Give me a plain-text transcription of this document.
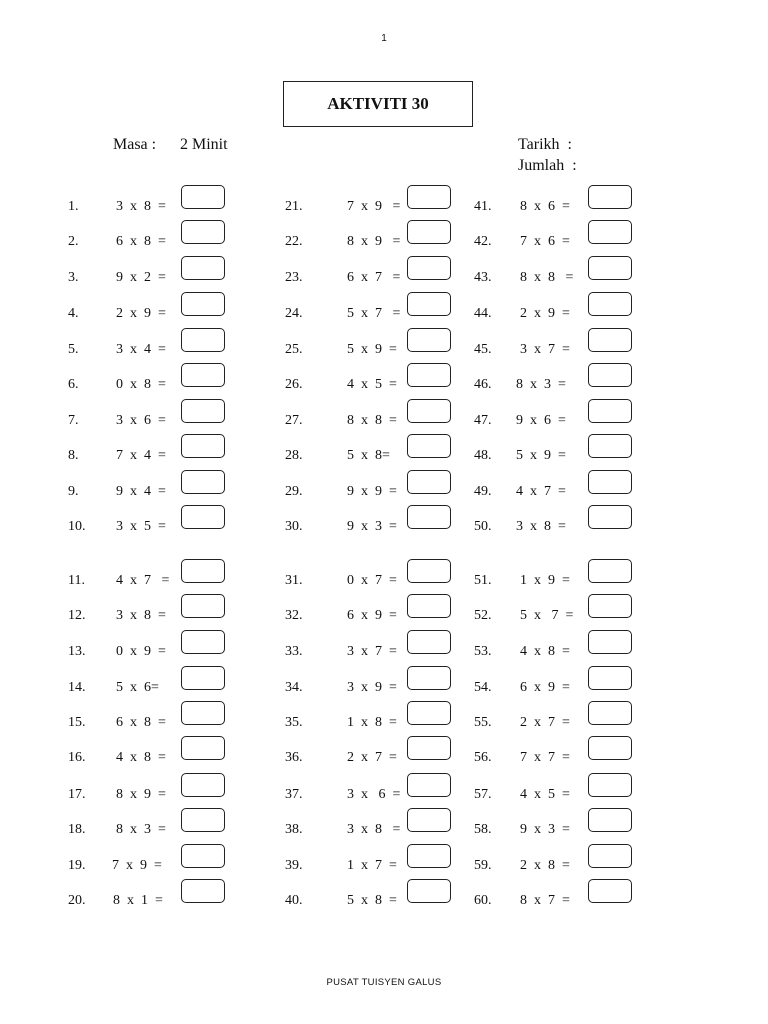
1
AKTIVITI 30
Masa : 2 Minit	Tarikh  :
Jumlah  :
1.	3  x  8  =
2.	6  x  8  =
3.	9  x  2  =
4.	2  x  9  =
5.	3  x  4  =
6.	0  x  8  =
7.	3  x  6  =
8.	7  x  4  =
9.	9  x  4  =
10. 3  x  5  =
11. 4  x  7   =
12. 3  x  8  =
13. 0  x  9  =
14. 5  x  6=
15. 6  x  8  =
16. 4  x  8  =
17. 8  x  9  =
18. 8  x  3  =
19. 7  x  9  =
20. 8  x  1  =
21.	7  x  9   =
22.	8  x  9   =
23.	6  x  7   =
24.	5  x  7   =
25.	5  x  9  =
26.	4  x  5  =
27.	8  x  8  =
28.	5  x  8=
29.	9  x  9  =
30.	9  x  3  =
31.	0  x  7  =
32.	6  x  9  =
33.	3  x  7  =
34.	3  x  9  =
35.	1  x  8  =
36.	2  x  7  =
37.	3  x   6  =
38.	3  x  8   =
39.	1  x  7  =
40.	5  x  8  =
41. 8  x  6  =
42. 7  x  6  =
43. 8  x  8   =
44. 2  x  9  =
45. 3  x  7  =
46. 8  x  3  =
47. 9  x  6  =
48. 5  x  9  =
49. 4  x  7  =
50. 3  x  8  =
51. 1  x  9  =
52. 5  x   7  =
53. 4  x  8  =
54. 6  x  9  =
55. 2  x  7  =
56. 7  x  7  =
57. 4  x  5  =
58. 9  x  3  =
59. 2  x  8  =
60. 8  x  7  =
PUSAT TUISYEN GALUS
